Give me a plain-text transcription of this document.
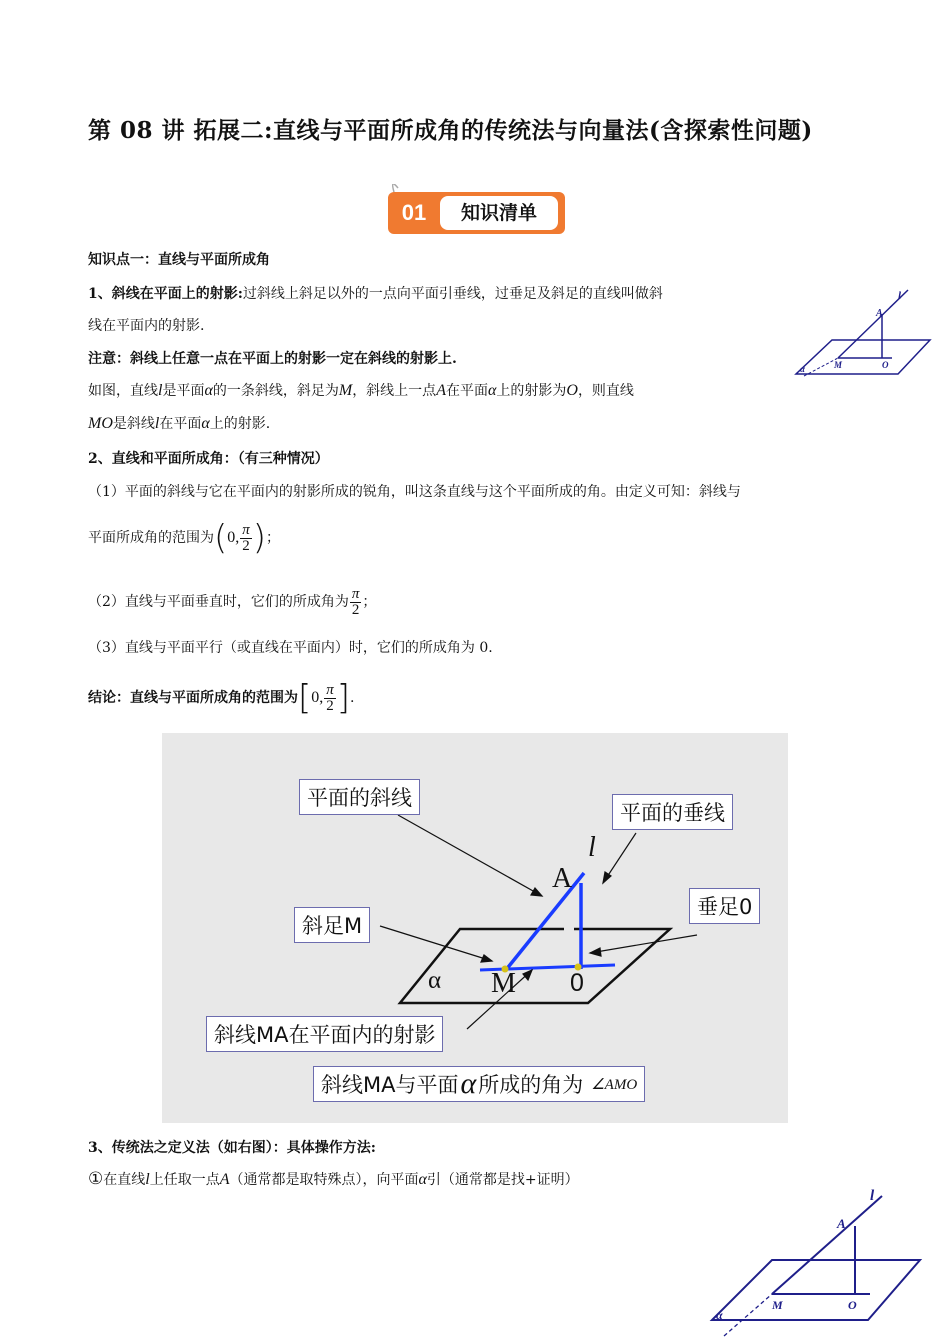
第 08 讲 拓展二:直线与平面所成角的传统法与向量法(含探索性问题)
01 知识清单
知识点一：直线与平面所成角
1、斜线在平面上的射影:过斜线上斜足以外的一点向平面引垂线，过垂足及斜足的直线叫做斜
线在平面内的射影.
注意：斜线上任意一点在平面上的射影一定在斜线的射影上.
如图，直线l是平面α的一条斜线，斜足为M，斜线上一点A在平面α上的射影为O，则直线
MO是斜线l在平面α上的射影.
l
A
M	O
α
2、直线和平面所成角：（有三种情况）
（1）平面的斜线与它在平面内的射影所成的锐角，叫这条直线与这个平面所成的角。由定义可知：斜线与
平面所成角的范围为 ( 0, $\frac{\pi}{2}$ ) ；
（2）直线与平面垂直时，它们的所成角为 $\frac{\pi}{2}$ ；
（3）直线与平面平行（或直线在平面内）时，它们的所成角为 0.
结论：直线与平面所成角的范围为 [ 0, $\frac{\pi}{2}$ ] .
l
A
M 0
α
平面的斜线
平面的垂线
斜足M
垂足0
斜线MA在平面内的射影
斜线MA与平面 α 所成的角为 ∠AMO
3、传统法之定义法（如右图）：具体操作方法:
①在直线l上任取一点A（通常都是取特殊点），向平面α引（通常都是找+证明）
l
A
M	O
α
